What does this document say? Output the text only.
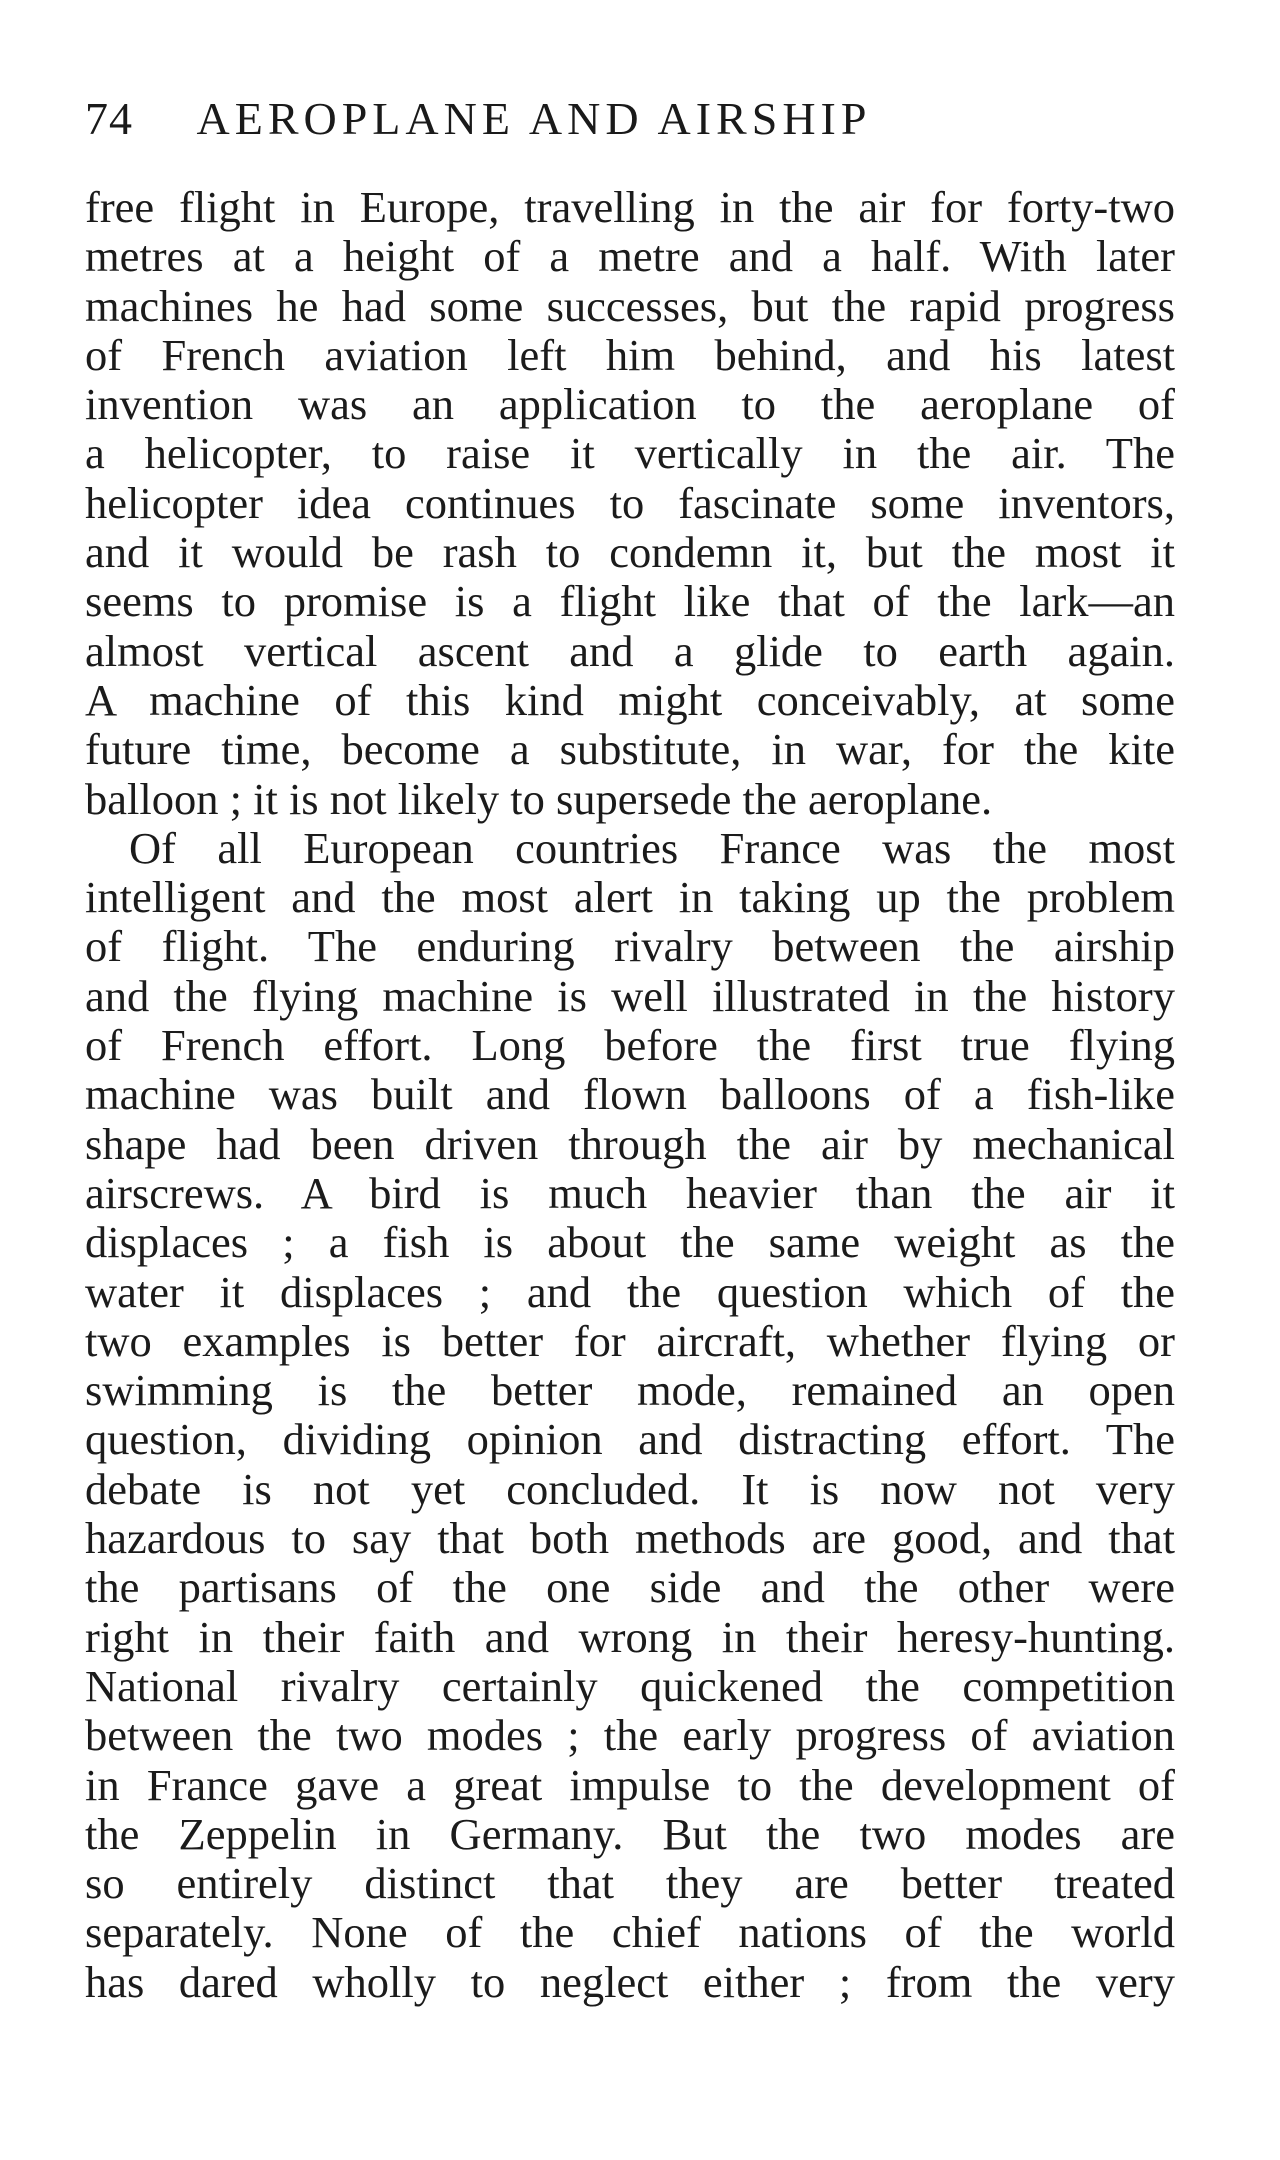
74 AEROPLANE AND AIRSHIP
free flight in Europe, travelling in the air for forty-two
metres at a height of a metre and a half. With later
machines he had some successes, but the rapid progress
of French aviation left him behind, and his latest
invention was an application to the aeroplane of
a helicopter, to raise it vertically in the air. The
helicopter idea continues to fascinate some inventors,
and it would be rash to condemn it, but the most it
seems to promise is a flight like that of the lark—an
almost vertical ascent and a glide to earth again.
A machine of this kind might conceivably, at some
future time, become a substitute, in war, for the kite
balloon ; it is not likely to supersede the aeroplane.
Of all European countries France was the most
intelligent and the most alert in taking up the problem
of flight. The enduring rivalry between the airship
and the flying machine is well illustrated in the history
of French effort. Long before the first true flying
machine was built and flown balloons of a fish-like
shape had been driven through the air by mechanical
airscrews. A bird is much heavier than the air it
displaces ; a fish is about the same weight as the
water it displaces ; and the question which of the
two examples is better for aircraft, whether flying or
swimming is the better mode, remained an open
question, dividing opinion and distracting effort. The
debate is not yet concluded. It is now not very
hazardous to say that both methods are good, and that
the partisans of the one side and the other were
right in their faith and wrong in their heresy-hunting.
National rivalry certainly quickened the competition
between the two modes ; the early progress of aviation
in France gave a great impulse to the development of
the Zeppelin in Germany. But the two modes are
so entirely distinct that they are better treated
separately. None of the chief nations of the world
has dared wholly to neglect either ; from the very
